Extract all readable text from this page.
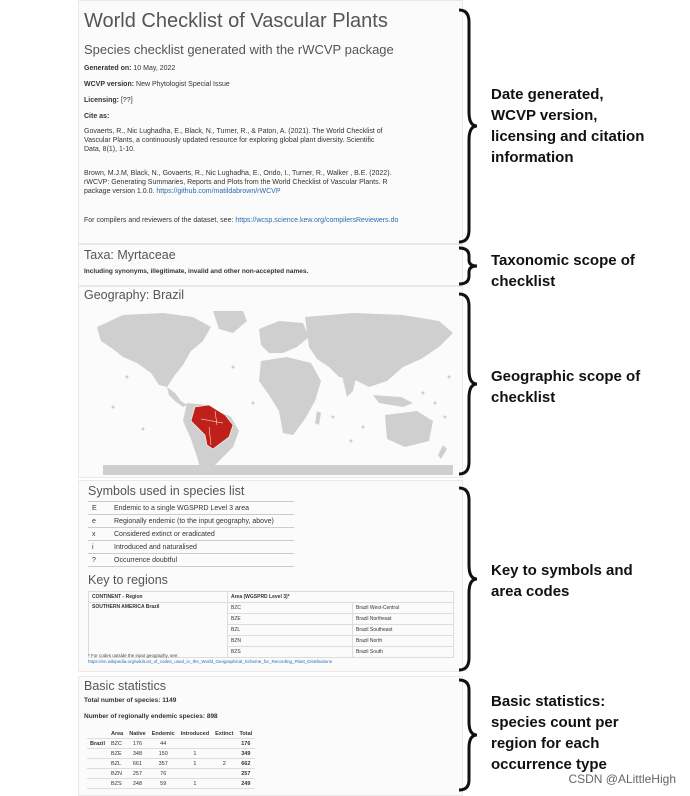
World Checklist of Vascular Plants
Species checklist generated with the rWCVP package
Generated on: 10 May, 2022
WCVP version: New Phytologist Special Issue
Licensing: [??]
Cite as:
Govaerts, R., Nic Lughadha, E., Black, N., Turner, R., & Paton, A. (2021). The World Checklist of
Vascular Plants, a continuously updated resource for exploring global plant diversity. Scientific
Data, 8(1), 1-10.
Brown, M.J.M, Black, N., Govaerts, R., Nic Lughadha, E., Ondo, I., Turner, R., Walker , B.E. (2022).
rWCVP: Generating Summaries, Reports and Plots from the World Checklist of Vascular Plants. R
package version 1.0.0. https://github.com/matildabrown/rWCVP
For compilers and reviewers of the dataset, see: https://wcsp.science.kew.org/compilersReviewers.do
Taxa: Myrtaceae
Including synonyms, illegitimate, invalid and other non-accepted names.
Geography: Brazil
Symbols used in species list
E	Endemic to a single WGSPRD Level 3 area
e	Regionally endemic (to the input geography, above)
x	Considered extinct or eradicated
i	Introduced and naturalised
?	Occurrence doubtful
Key to regions
CONTINENT - Region	Area (WGSPRD Level 3)*	
SOUTHERN AMERICA Brazil	BZC	Brazil West-Central
	BZE	Brazil Northeast
	BZL	Brazil Southeast
	BZN	Brazil North
	BZS	Brazil South
* For codes outside the input geography, see:
https://en.wikipedia.org/wiki/List_of_codes_used_in_the_World_Geographical_Scheme_for_Recording_Plant_Distributions
Basic statistics
Total number of species: 1149
Number of regionally endemic species: 898
	Area	Native	Endemic	Introduced	Extinct	Total
Brazil	BZC	176	44			176
	BZE	348	150	1		349
	BZL	661	357	1	2	662
	BZN	257	76			257
	BZS	248	59	1		249
Date generated,
WCVP version,
licensing and citation
information
Taxonomic scope of
checklist
Geographic scope of
checklist
Key to symbols and
area codes
Basic statistics:
species count per
region for each
occurrence type
CSDN @ALittleHigh
